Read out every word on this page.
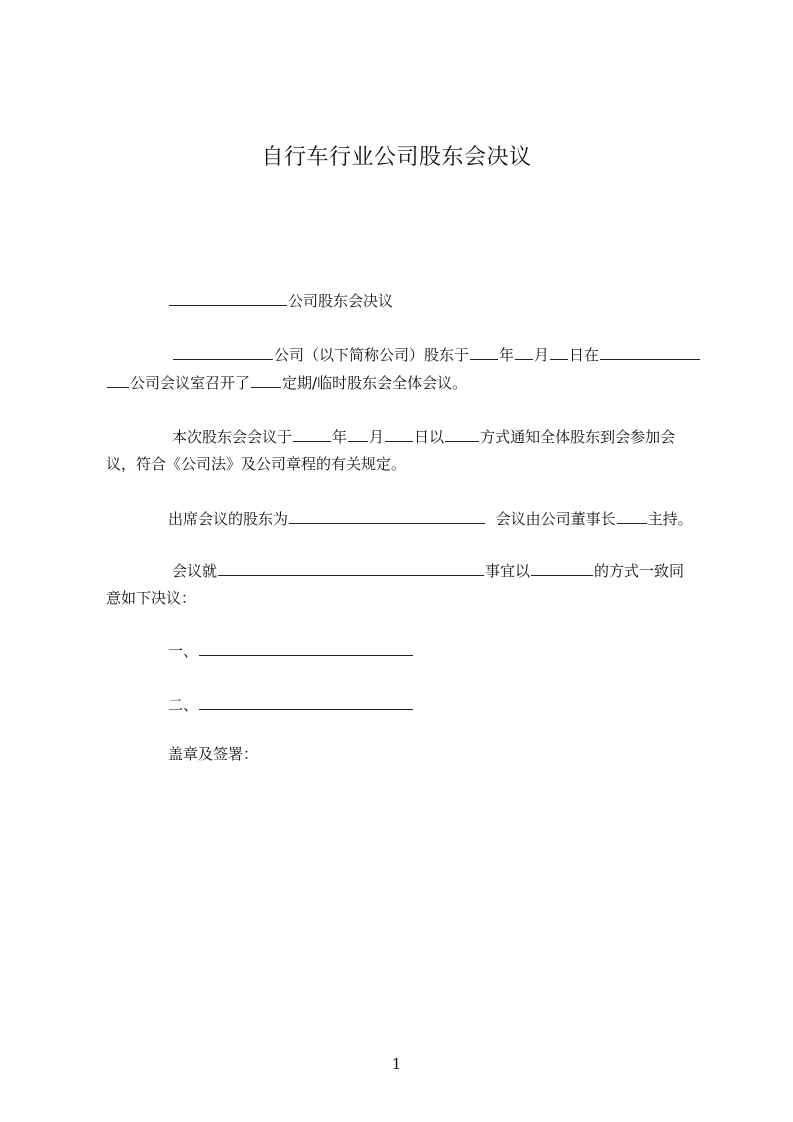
自行车行业公司股东会决议
公司股东会决议
公司（以下简称公司）股东于 年 月 日在
公司会议室召开了 定期/临时股东会全体会议。
本次股东会会议于	年 月 日以 方式通知全体股东到会参加会
议，符合《公司法》及公司章程的有关规定。
出席会议的股东为	会议由公司董事长 主持。
会议就	事宜以	的方式一致同
意如下决议：
一、
二、
盖章及签署：
1
